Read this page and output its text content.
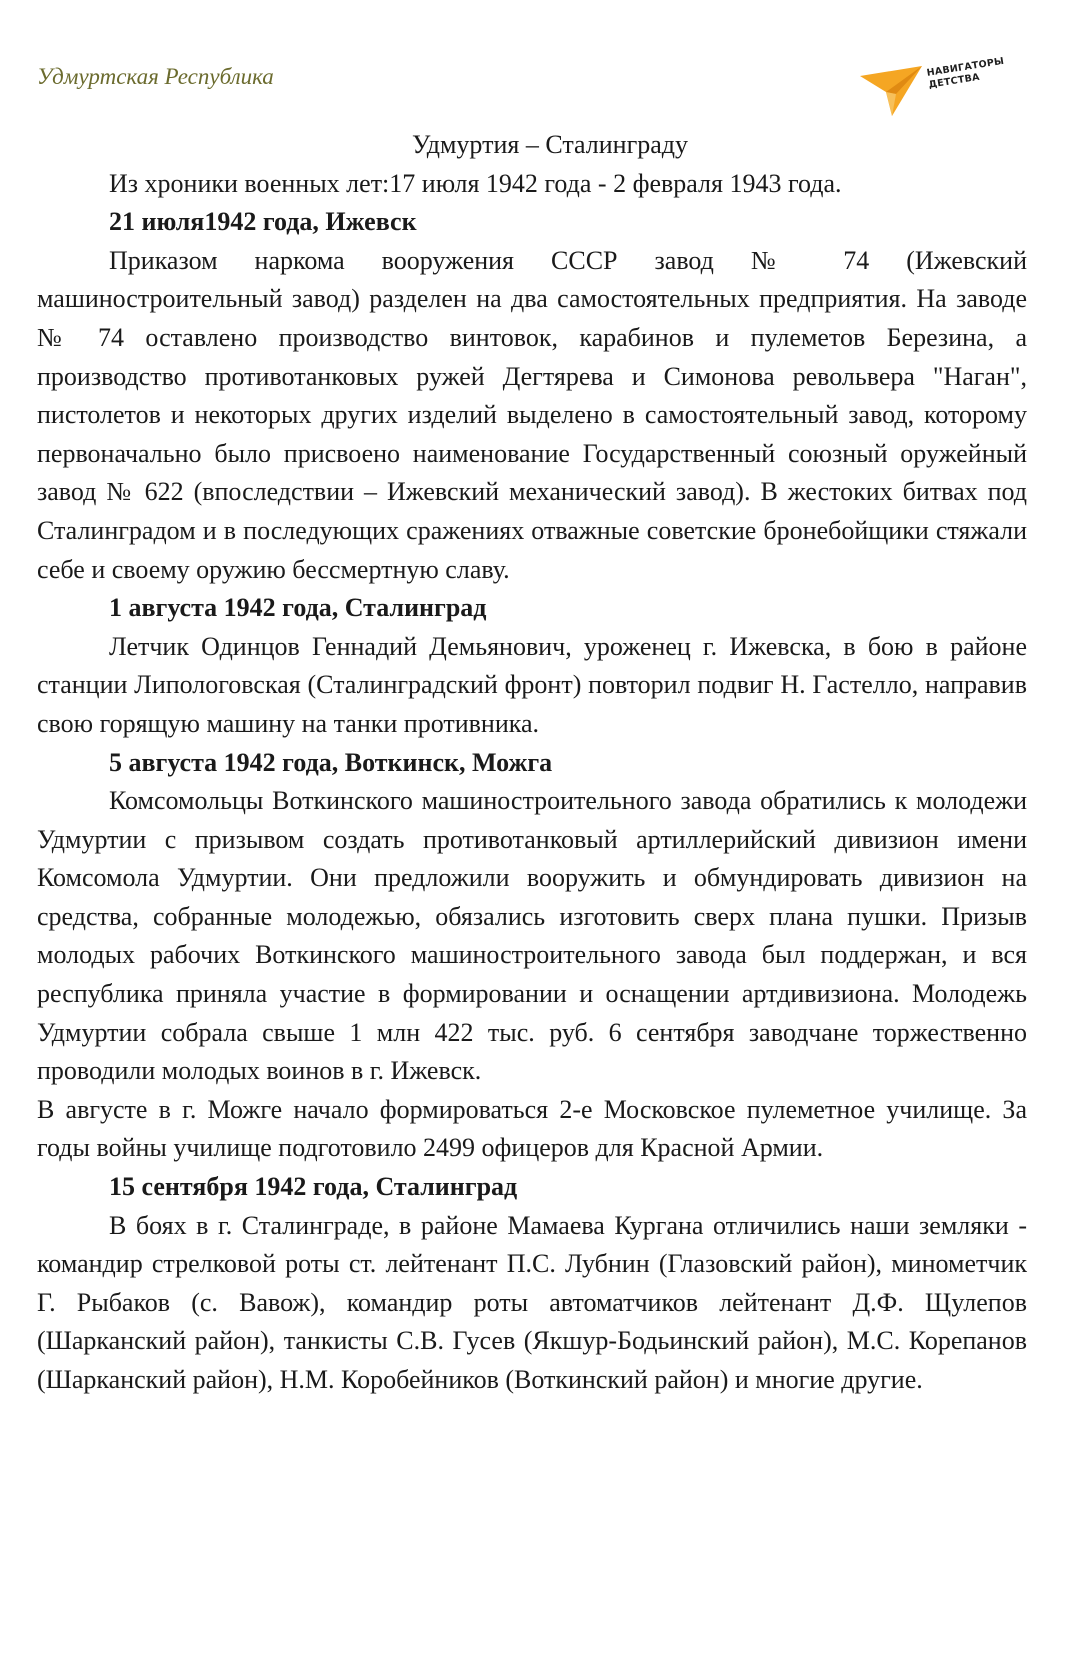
Удмуртская Республика	НАВИГАТОРЫ ДЕТСТВА

Удмуртия – Сталинграду

Из хроники военных лет:17 июля 1942 года - 2 февраля 1943 года.

21 июля1942 года, Ижевск

Приказом наркома вооружения СССР завод № 74 (Ижевский машиностроительный завод) разделен на два самостоятельных предприятия. На заводе № 74 оставлено производство винтовок, карабинов и пулеметов Березина, а производство противотанковых ружей Дегтярева и Симонова револьвера "Наган", пистолетов и некоторых других изделий выделено в самостоятельный завод, которому первоначально было присвоено наименование Государственный союзный оружейный завод № 622 (впоследствии – Ижевский механический завод). В жестоких битвах под Сталинградом и в последующих сражениях отважные советские бронебойщики стяжали себе и своему оружию бессмертную славу.

1 августа 1942 года, Сталинград

Летчик Одинцов Геннадий Демьянович, уроженец г. Ижевска, в бою в районе станции Липологовская (Сталинградский фронт) повторил подвиг Н. Гастелло, направив свою горящую машину на танки противника.

5 августа 1942 года, Воткинск, Можга

Комсомольцы Воткинского машиностроительного завода обратились к молодежи Удмуртии с призывом создать противотанковый артиллерийский дивизион имени Комсомола Удмуртии. Они предложили вооружить и обмундировать дивизион на средства, собранные молодежью, обязались изготовить сверх плана пушки. Призыв молодых рабочих Воткинского машиностроительного завода был поддержан, и вся республика приняла участие в формировании и оснащении артдивизиона. Молодежь Удмуртии собрала свыше 1 млн 422 тыс. руб. 6 сентября заводчане торжественно проводили молодых воинов в г. Ижевск.

В августе в г. Можге начало формироваться 2-е Московское пулеметное училище. За годы войны училище подготовило 2499 офицеров для Красной Армии.

15 сентября 1942 года, Сталинград

В боях в г. Сталинграде, в районе Мамаева Кургана отличились наши земляки - командир стрелковой роты ст. лейтенант П.С. Лубнин (Глазовский район), минометчик Г. Рыбаков (с. Вавож), командир роты автоматчиков лейтенант Д.Ф. Щулепов (Шарканский район), танкисты С.В. Гусев (Якшур-Бодьинский район), М.С. Корепанов (Шарканский район), Н.М. Коробейников (Воткинский район) и многие другие.
